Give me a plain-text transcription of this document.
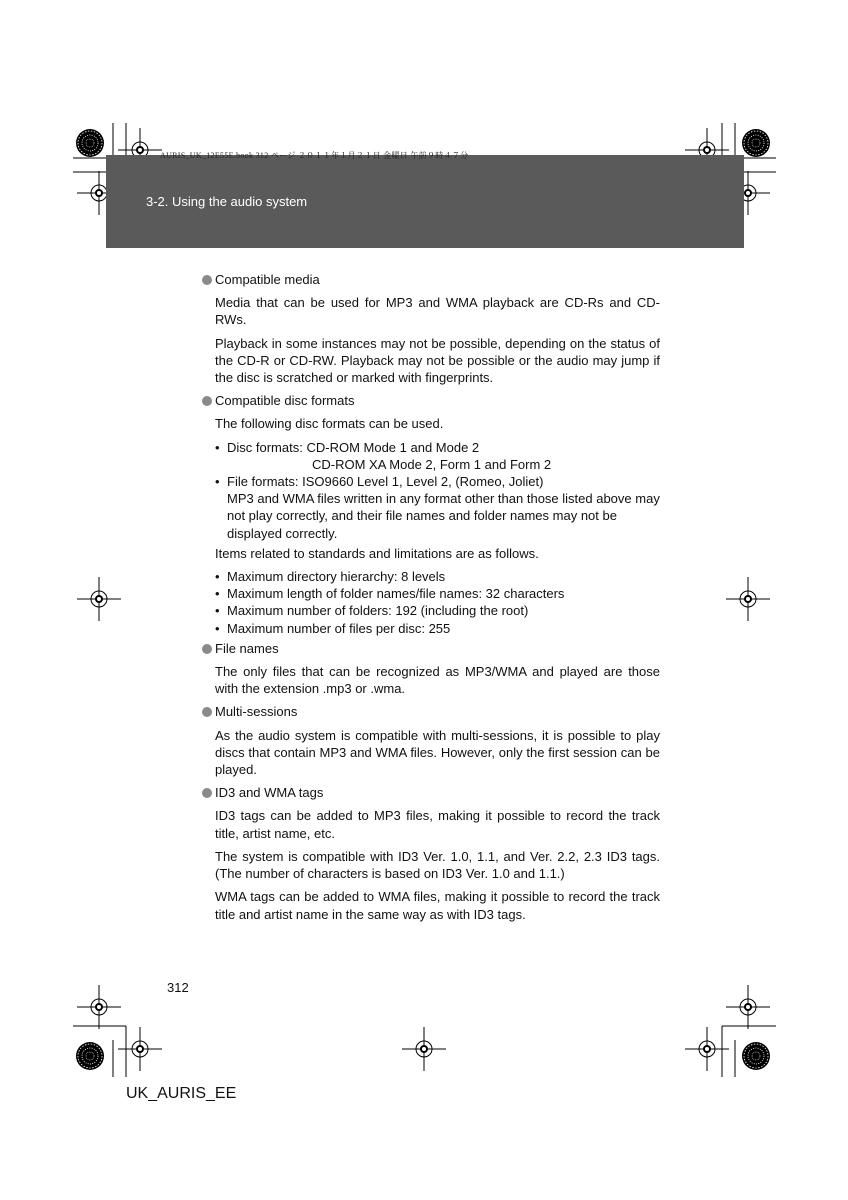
AURIS_UK_12E55E.book 312 ページ ２０１１年１月２１日 金曜日 午前９時４７分
3-2. Using the audio system
Compatible media

Media that can be used for MP3 and WMA playback are CD-Rs and CD-RWs.

Playback in some instances may not be possible, depending on the status of the CD-R or CD-RW. Playback may not be possible or the audio may jump if the disc is scratched or marked with fingerprints.

Compatible disc formats

The following disc formats can be used.

• Disc formats: CD-ROM Mode 1 and Mode 2
CD-ROM XA Mode 2, Form 1 and Form 2
• File formats: ISO9660 Level 1, Level 2, (Romeo, Joliet)
MP3 and WMA files written in any format other than those listed above may not play correctly, and their file names and folder names may not be displayed correctly.

Items related to standards and limitations are as follows.

• Maximum directory hierarchy: 8 levels
• Maximum length of folder names/file names: 32 characters
• Maximum number of folders: 192 (including the root)
• Maximum number of files per disc: 255
File names

The only files that can be recognized as MP3/WMA and played are those with the extension .mp3 or .wma.

Multi-sessions

As the audio system is compatible with multi-sessions, it is possible to play discs that contain MP3 and WMA files. However, only the first session can be played.

ID3 and WMA tags

ID3 tags can be added to MP3 files, making it possible to record the track title, artist name, etc.

The system is compatible with ID3 Ver. 1.0, 1.1, and Ver. 2.2, 2.3 ID3 tags. (The number of characters is based on ID3 Ver. 1.0 and 1.1.)

WMA tags can be added to WMA files, making it possible to record the track title and artist name in the same way as with ID3 tags.

312
UK_AURIS_EE
